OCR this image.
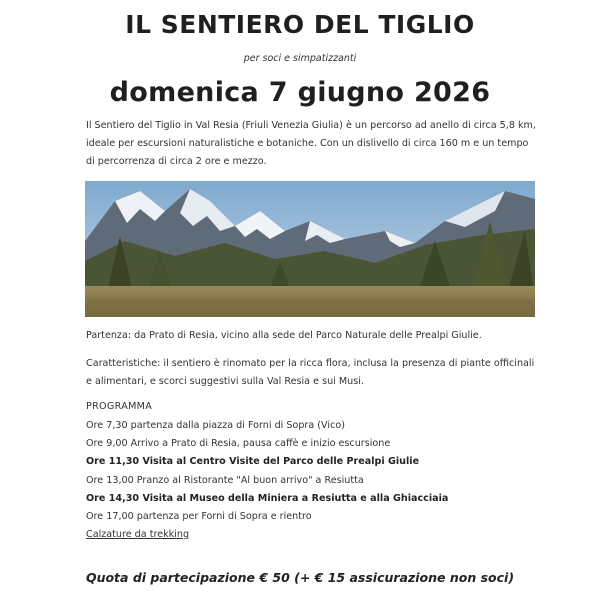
IL SENTIERO DEL TIGLIO
per soci e simpatizzanti
domenica 7 giugno 2026
Il Sentiero del Tiglio in Val Resia (Friuli Venezia Giulia) è un percorso ad anello di circa 5,8 km, ideale per escursioni naturalistiche e botaniche. Con un dislivello di circa 160 m e un tempo di percorrenza di circa 2 ore e mezzo.
Partenza: da Prato di Resia, vicino alla sede del Parco Naturale delle Prealpi Giulie.
Caratteristiche: il sentiero è rinomato per la ricca flora, inclusa la presenza di piante officinali e alimentari, e scorci suggestivi sulla Val Resia e sui Musi.
PROGRAMMA
Ore 7,30 partenza dalla piazza di Forni di Sopra (Vico)
Ore 9,00 Arrivo a Prato di Resia, pausa caffè e inizio escursione
Ore 11,30 Visita al Centro Visite del Parco delle Prealpi Giulie
Ore 13,00 Pranzo al Ristorante "Al buon arrivo" a Resiutta
Ore 14,30 Visita al Museo della Miniera a Resiutta e alla Ghiacciaia
Ore 17,00 partenza per Forni di Sopra e rientro
Calzature da trekking
Quota di partecipazione € 50 (+ € 15 assicurazione non soci)
